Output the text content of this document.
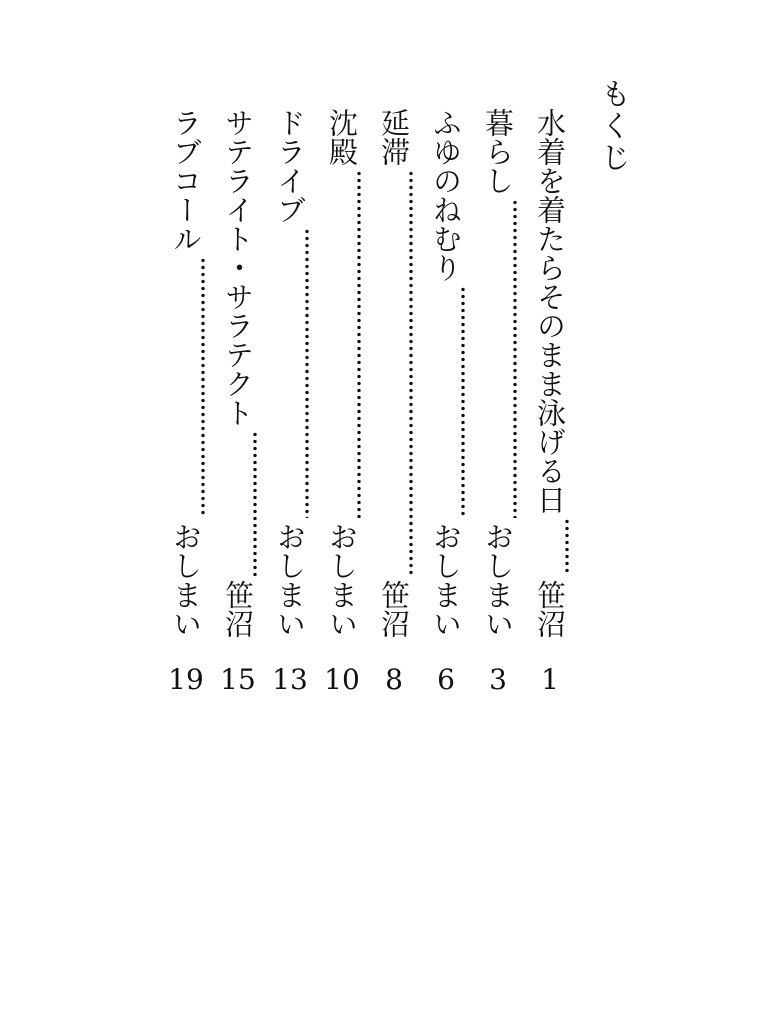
もくじ
水着を着たらそのまま泳げる日
笹沼
1
暮らし
おしまい
3
ふゆのねむり
おしまい
6
延滞
笹沼
8
沈殿
おしまい
10
ドライブ
おしまい
13
サテライト・サラテクト
笹沼
15
ラブコール
おしまい
19
